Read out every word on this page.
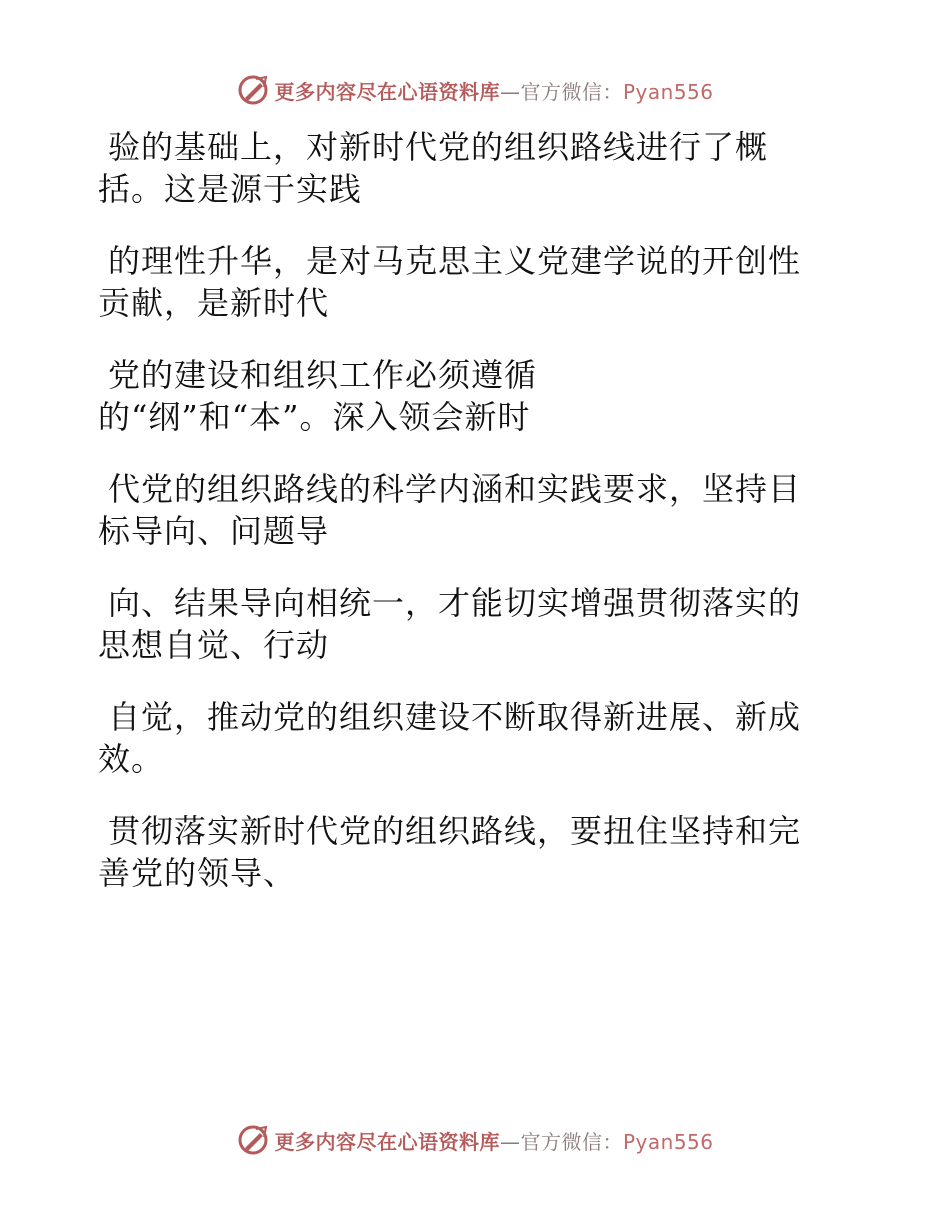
更多内容尽在心语资料库—官方微信：Pyan556

验的基础上，对新时代党的组织路线进行了概
括。这是源于实践

的理性升华，是对马克思主义党建学说的开创性
贡献，是新时代

党的建设和组织工作必须遵循
的“纲”和“本”。深入领会新时

代党的组织路线的科学内涵和实践要求，坚持目
标导向、问题导

向、结果导向相统一，才能切实增强贯彻落实的
思想自觉、行动

自觉，推动党的组织建设不断取得新进展、新成
效。

贯彻落实新时代党的组织路线，要扭住坚持和完
善党的领导、

更多内容尽在心语资料库—官方微信：Pyan556
